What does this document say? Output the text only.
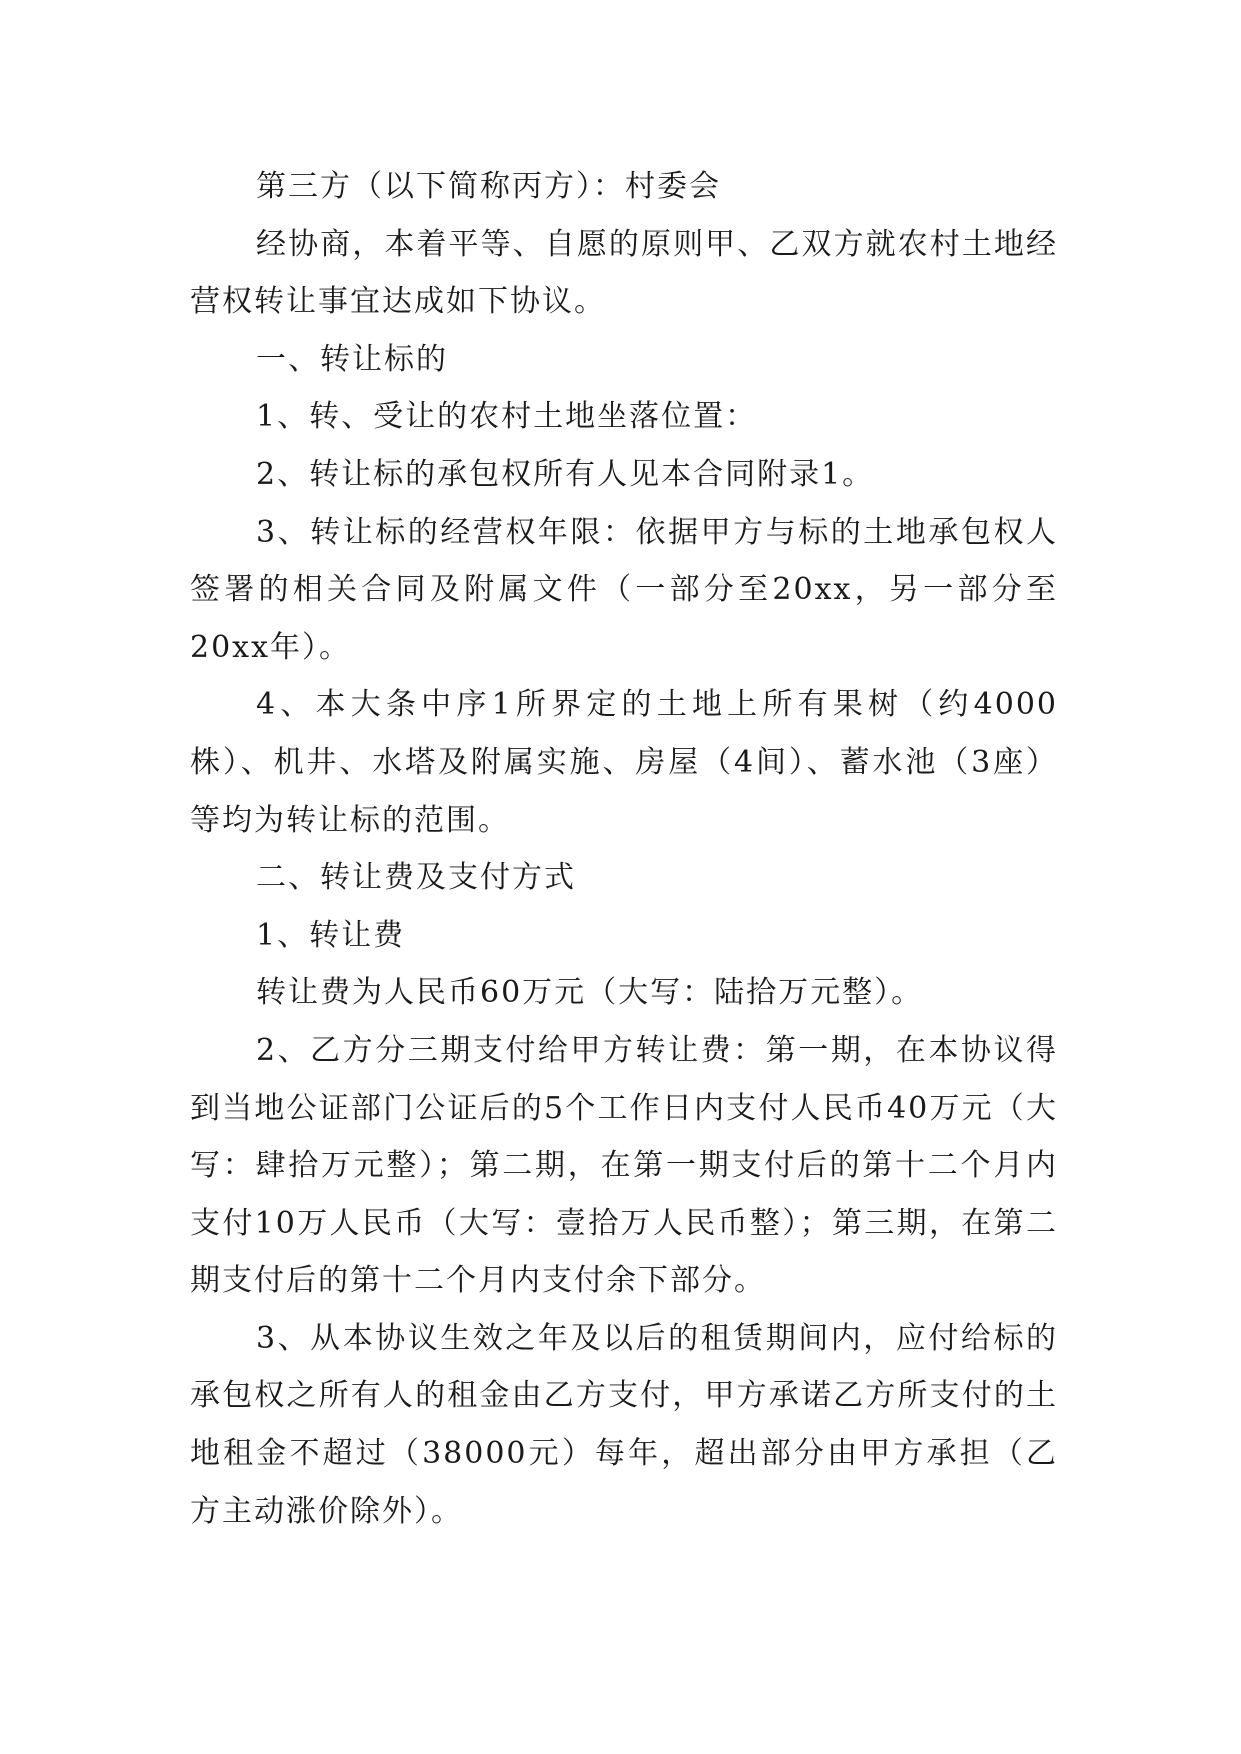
第三方（以下简称丙方）：村委会

经协商，本着平等、自愿的原则甲、乙双方就农村土地经营权转让事宜达成如下协议。

一、转让标的

1、转、受让的农村土地坐落位置：

2、转让标的承包权所有人见本合同附录1。

3、转让标的经营权年限：依据甲方与标的土地承包权人签署的相关合同及附属文件（一部分至20xx，另一部分至20xx年）。

4、本大条中序1所界定的土地上所有果树（约4000株）、机井、水塔及附属实施、房屋（4间）、蓄水池（3座）等均为转让标的范围。

二、转让费及支付方式

1、转让费

转让费为人民币60万元（大写：陆拾万元整）。

2、乙方分三期支付给甲方转让费：第一期，在本协议得到当地公证部门公证后的5个工作日内支付人民币40万元（大写：肆拾万元整）；第二期，在第一期支付后的第十二个月内支付10万人民币（大写：壹拾万人民币整）；第三期，在第二期支付后的第十二个月内支付余下部分。

3、从本协议生效之年及以后的租赁期间内，应付给标的承包权之所有人的租金由乙方支付，甲方承诺乙方所支付的土地租金不超过（38000元）每年，超出部分由甲方承担（乙方主动涨价除外）。
